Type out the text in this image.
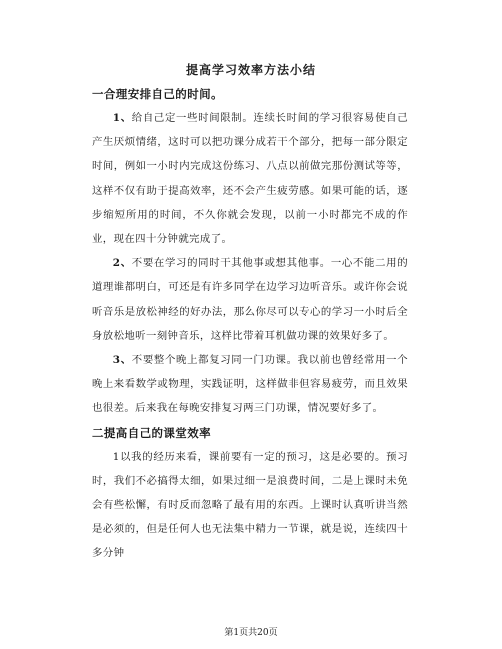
提高学习效率方法小结

一合理安排自己的时间。

1、给自己定一些时间限制。连续长时间的学习很容易使自己产生厌烦情绪，这时可以把功课分成若干个部分，把每一部分限定时间，例如一小时内完成这份练习、八点以前做完那份测试等等，这样不仅有助于提高效率，还不会产生疲劳感。如果可能的话，逐步缩短所用的时间，不久你就会发现，以前一小时都完不成的作业，现在四十分钟就完成了。

2、不要在学习的同时干其他事或想其他事。一心不能二用的道理谁都明白，可还是有许多同学在边学习边听音乐。或许你会说听音乐是放松神经的好办法，那么你尽可以专心的学习一小时后全身放松地听一刻钟音乐，这样比带着耳机做功课的效果好多了。

3、不要整个晚上都复习同一门功课。我以前也曾经常用一个晚上来看数学或物理，实践证明，这样做非但容易疲劳，而且效果也很差。后来我在每晚安排复习两三门功课，情况要好多了。

二提高自己的课堂效率

1以我的经历来看，课前要有一定的预习，这是必要的。预习时，我们不必搞得太细，如果过细一是浪费时间，二是上课时未免会有些松懈，有时反而忽略了最有用的东西。上课时认真听讲当然是必须的，但是任何人也无法集中精力一节课，就是说，连续四十多分钟

第1页共20页
